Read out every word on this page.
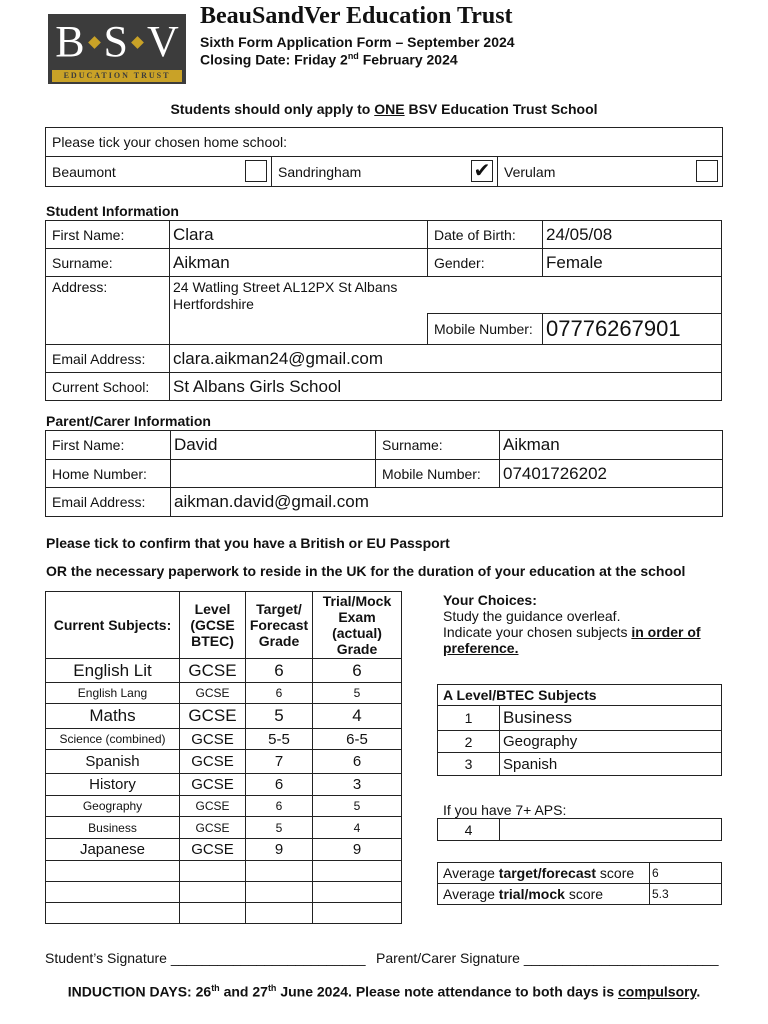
B S V
EDUCATION TRUST
BeauSandVer Education Trust
Sixth Form Application Form – September 2024
Closing Date: Friday 2nd February 2024
Students should only apply to ONE BSV Education Trust School
Please tick your chosen home school:
Beaumont	Sandringham	✔	Verulam
Student Information
First Name:	Clara	Date of Birth:	24/05/08
Surname:	Aikman	Gender:	Female
Address:	24 Watling Street AL12PX St Albans
Hertfordshire		

		Mobile Number:	07776267901
Email Address:	clara.aikman24@gmail.com		
Current School:	St Albans Girls School		
Parent/Carer Information
First Name:	David	Surname:	Aikman
Home Number:		Mobile Number:	07401726202
Email Address:	aikman.david@gmail.com		
Please tick to confirm that you have a British or EU Passport
OR the necessary paperwork to reside in the UK for the duration of your education at the school
Current Subjects:	Level (GCSE BTEC)	Target/ Forecast Grade	Trial/Mock Exam (actual) Grade
English Lit	GCSE	6	6
English Lang	GCSE	6	5
Maths	GCSE	5	4
Science (combined)	GCSE	5-5	6-5
Spanish	GCSE	7	6
History	GCSE	6	3
Geography	GCSE	6	5
Business	GCSE	5	4
Japanese	GCSE	9	9

Your Choices:
Study the guidance overleaf.
Indicate your chosen subjects in order of
preference.
A Level/BTEC Subjects	
1	Business
2	Geography
3	Spanish
If you have 7+ APS:
4	
Average target/forecast score	6
Average trial/mock score	5.3
Student’s Signature _________________________ Parent/Carer Signature _________________________
INDUCTION DAYS: 26th and 27th June 2024. Please note attendance to both days is compulsory.
